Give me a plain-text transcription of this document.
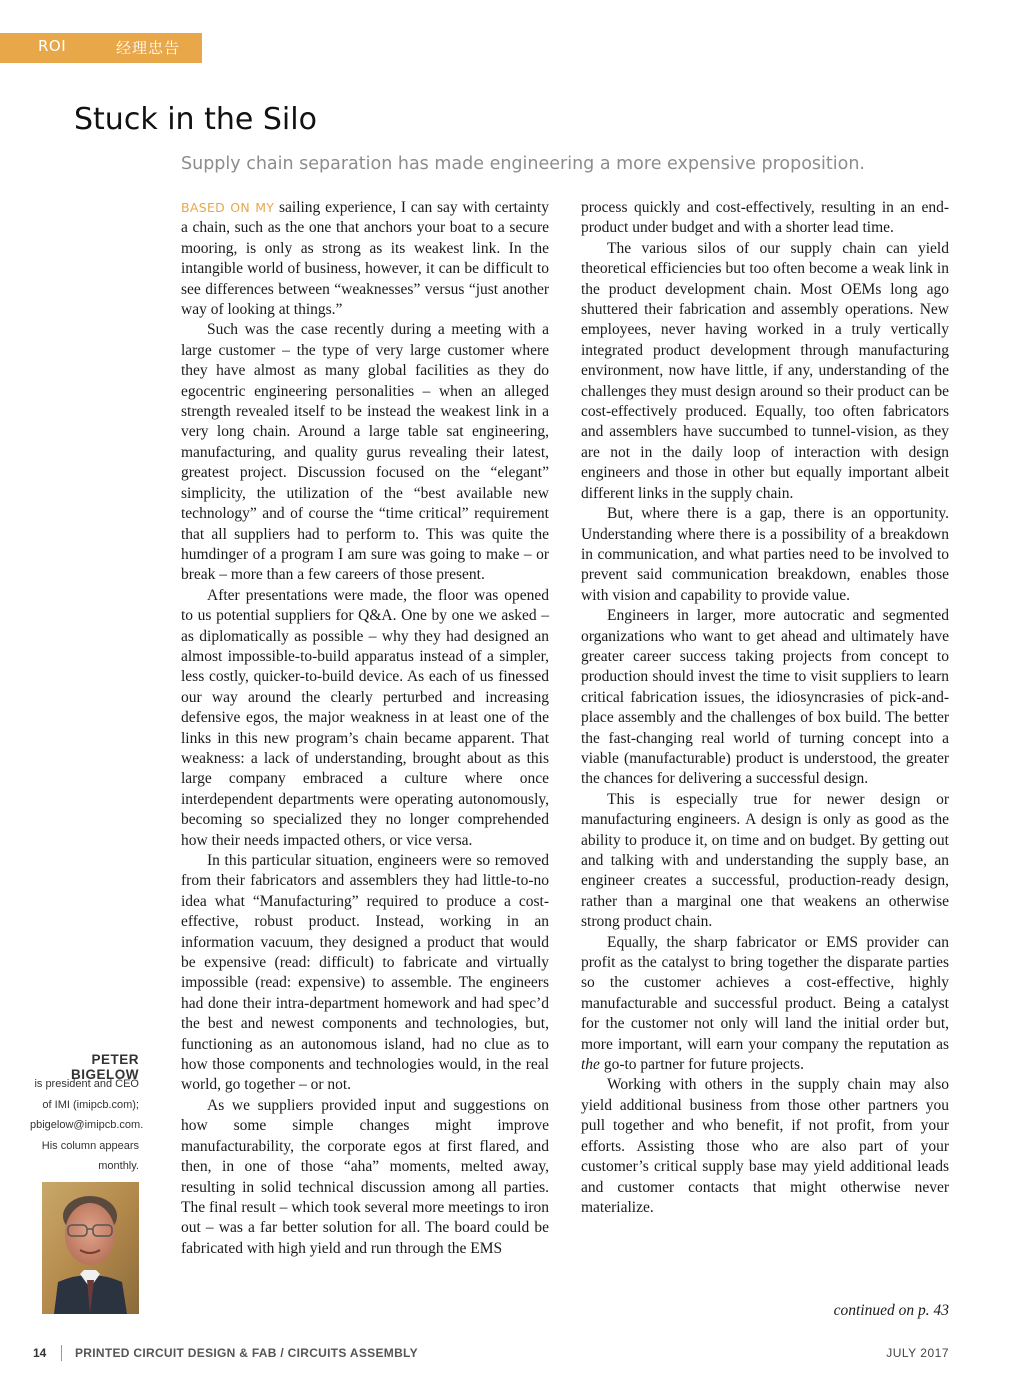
ROI	经理忠告
Stuck in the Silo
Supply chain separation has made engineering a more expensive proposition.

BASED ON MY sailing experience, I can say with certainty a chain, such as the one that anchors your boat to a secure mooring, is only as strong as its weakest link. In the intangible world of business, however, it can be difficult to see differences between “weaknesses” versus “just another way of looking at things.”

Such was the case recently during a meeting with a large customer – the type of very large customer where they have almost as many global facilities as they do egocentric engineering personalities – when an alleged strength revealed itself to be instead the weakest link in a very long chain. Around a large table sat engineering, manufacturing, and quality gurus revealing their latest, greatest project. Discussion focused on the “elegant” simplicity, the utilization of the “best available new technology” and of course the “time critical” requirement that all suppliers had to perform to. This was quite the humdinger of a program I am sure was going to make – or break – more than a few careers of those present.

After presentations were made, the floor was opened to us potential suppliers for Q&A. One by one we asked – as diplomatically as possible – why they had designed an almost impossible-to-build apparatus instead of a simpler, less costly, quicker-to-build device. As each of us finessed our way around the clearly perturbed and increasing defensive egos, the major weakness in at least one of the links in this new program’s chain became apparent. That weakness: a lack of understanding, brought about as this large company embraced a culture where once interdependent departments were operating autonomously, becoming so specialized they no longer comprehended how their needs impacted others, or vice versa.

In this particular situation, engineers were so removed from their fabricators and assemblers they had little-to-no idea what “Manufacturing” required to produce a cost-effective, robust product. Instead, working in an information vacuum, they designed a product that would be expensive (read: difficult) to fabricate and virtually impossible (read: expensive) to assemble. The engineers had done their intra-department homework and had spec’d the best and newest components and technologies, but, functioning as an autonomous island, had no clue as to how those components and technologies would, in the real world, go together – or not.

As we suppliers provided input and suggestions on how some simple changes might improve manufacturability, the corporate egos at first flared, and then, in one of those “aha” moments, melted away, resulting in solid technical discussion among all parties. The final result – which took several more meetings to iron out – was a far better solution for all. The board could be fabricated with high yield and run through the EMS

process quickly and cost-effectively, resulting in an end-product under budget and with a shorter lead time.

The various silos of our supply chain can yield theoretical efficiencies but too often become a weak link in the product development chain. Most OEMs long ago shuttered their fabrication and assembly operations. New employees, never having worked in a truly vertically integrated product development through manufacturing environment, now have little, if any, understanding of the challenges they must design around so their product can be cost-effectively produced. Equally, too often fabricators and assemblers have succumbed to tunnel-vision, as they are not in the daily loop of interaction with design engineers and those in other but equally important albeit different links in the supply chain.

But, where there is a gap, there is an opportunity. Understanding where there is a possibility of a breakdown in communication, and what parties need to be involved to prevent said communication breakdown, enables those with vision and capability to provide value.

Engineers in larger, more autocratic and segmented organizations who want to get ahead and ultimately have greater career success taking projects from concept to production should invest the time to visit suppliers to learn critical fabrication issues, the idiosyncrasies of pick-and-place assembly and the challenges of box build. The better the fast-changing real world of turning concept into a viable (manufacturable) product is understood, the greater the chances for delivering a successful design.

This is especially true for newer design or manufacturing engineers. A design is only as good as the ability to produce it, on time and on budget. By getting out and talking with and understanding the supply base, an engineer creates a successful, production-ready design, rather than a marginal one that weakens an otherwise strong product chain.

Equally, the sharp fabricator or EMS provider can profit as the catalyst to bring together the disparate parties so the customer achieves a cost-effective, highly manufacturable and successful product. Being a catalyst for the customer not only will land the initial order but, more important, will earn your company the reputation as the go-to partner for future projects.

Working with others in the supply chain may also yield additional business from those other partners you pull together and who benefit, if not profit, from your efforts. Assisting those who are also part of your customer’s critical supply base may yield additional leads and customer contacts that might otherwise never materialize.

continued on p. 43
PETER BIGELOW
is president and CEO of IMI (imipcb.com); pbigelow@imipcb.com. His column appears monthly.
14 PRINTED CIRCUIT DESIGN & FAB / CIRCUITS ASSEMBLY	JULY 2017
